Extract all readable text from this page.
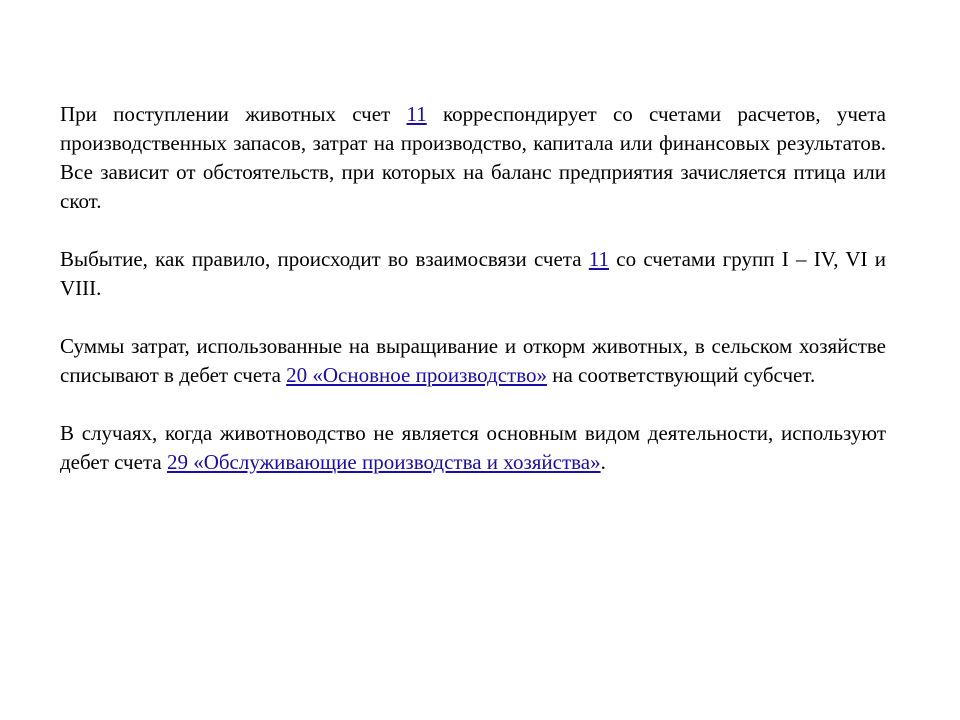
При поступлении животных счет 11 корреспондирует со счетами расчетов, учета производственных запасов, затрат на производство, капитала или финансовых результатов. Все зависит от обстоятельств, при которых на баланс предприятия зачисляется птица или скот.

Выбытие, как правило, происходит во взаимосвязи счета 11 со счетами групп I – IV, VI и VIII.

Суммы затрат, использованные на выращивание и откорм животных, в сельском хозяйстве списывают в дебет счета 20 «Основное производство» на соответствующий субсчет.

В случаях, когда животноводство не является основным видом деятельности, используют дебет счета 29 «Обслуживающие производства и хозяйства».
